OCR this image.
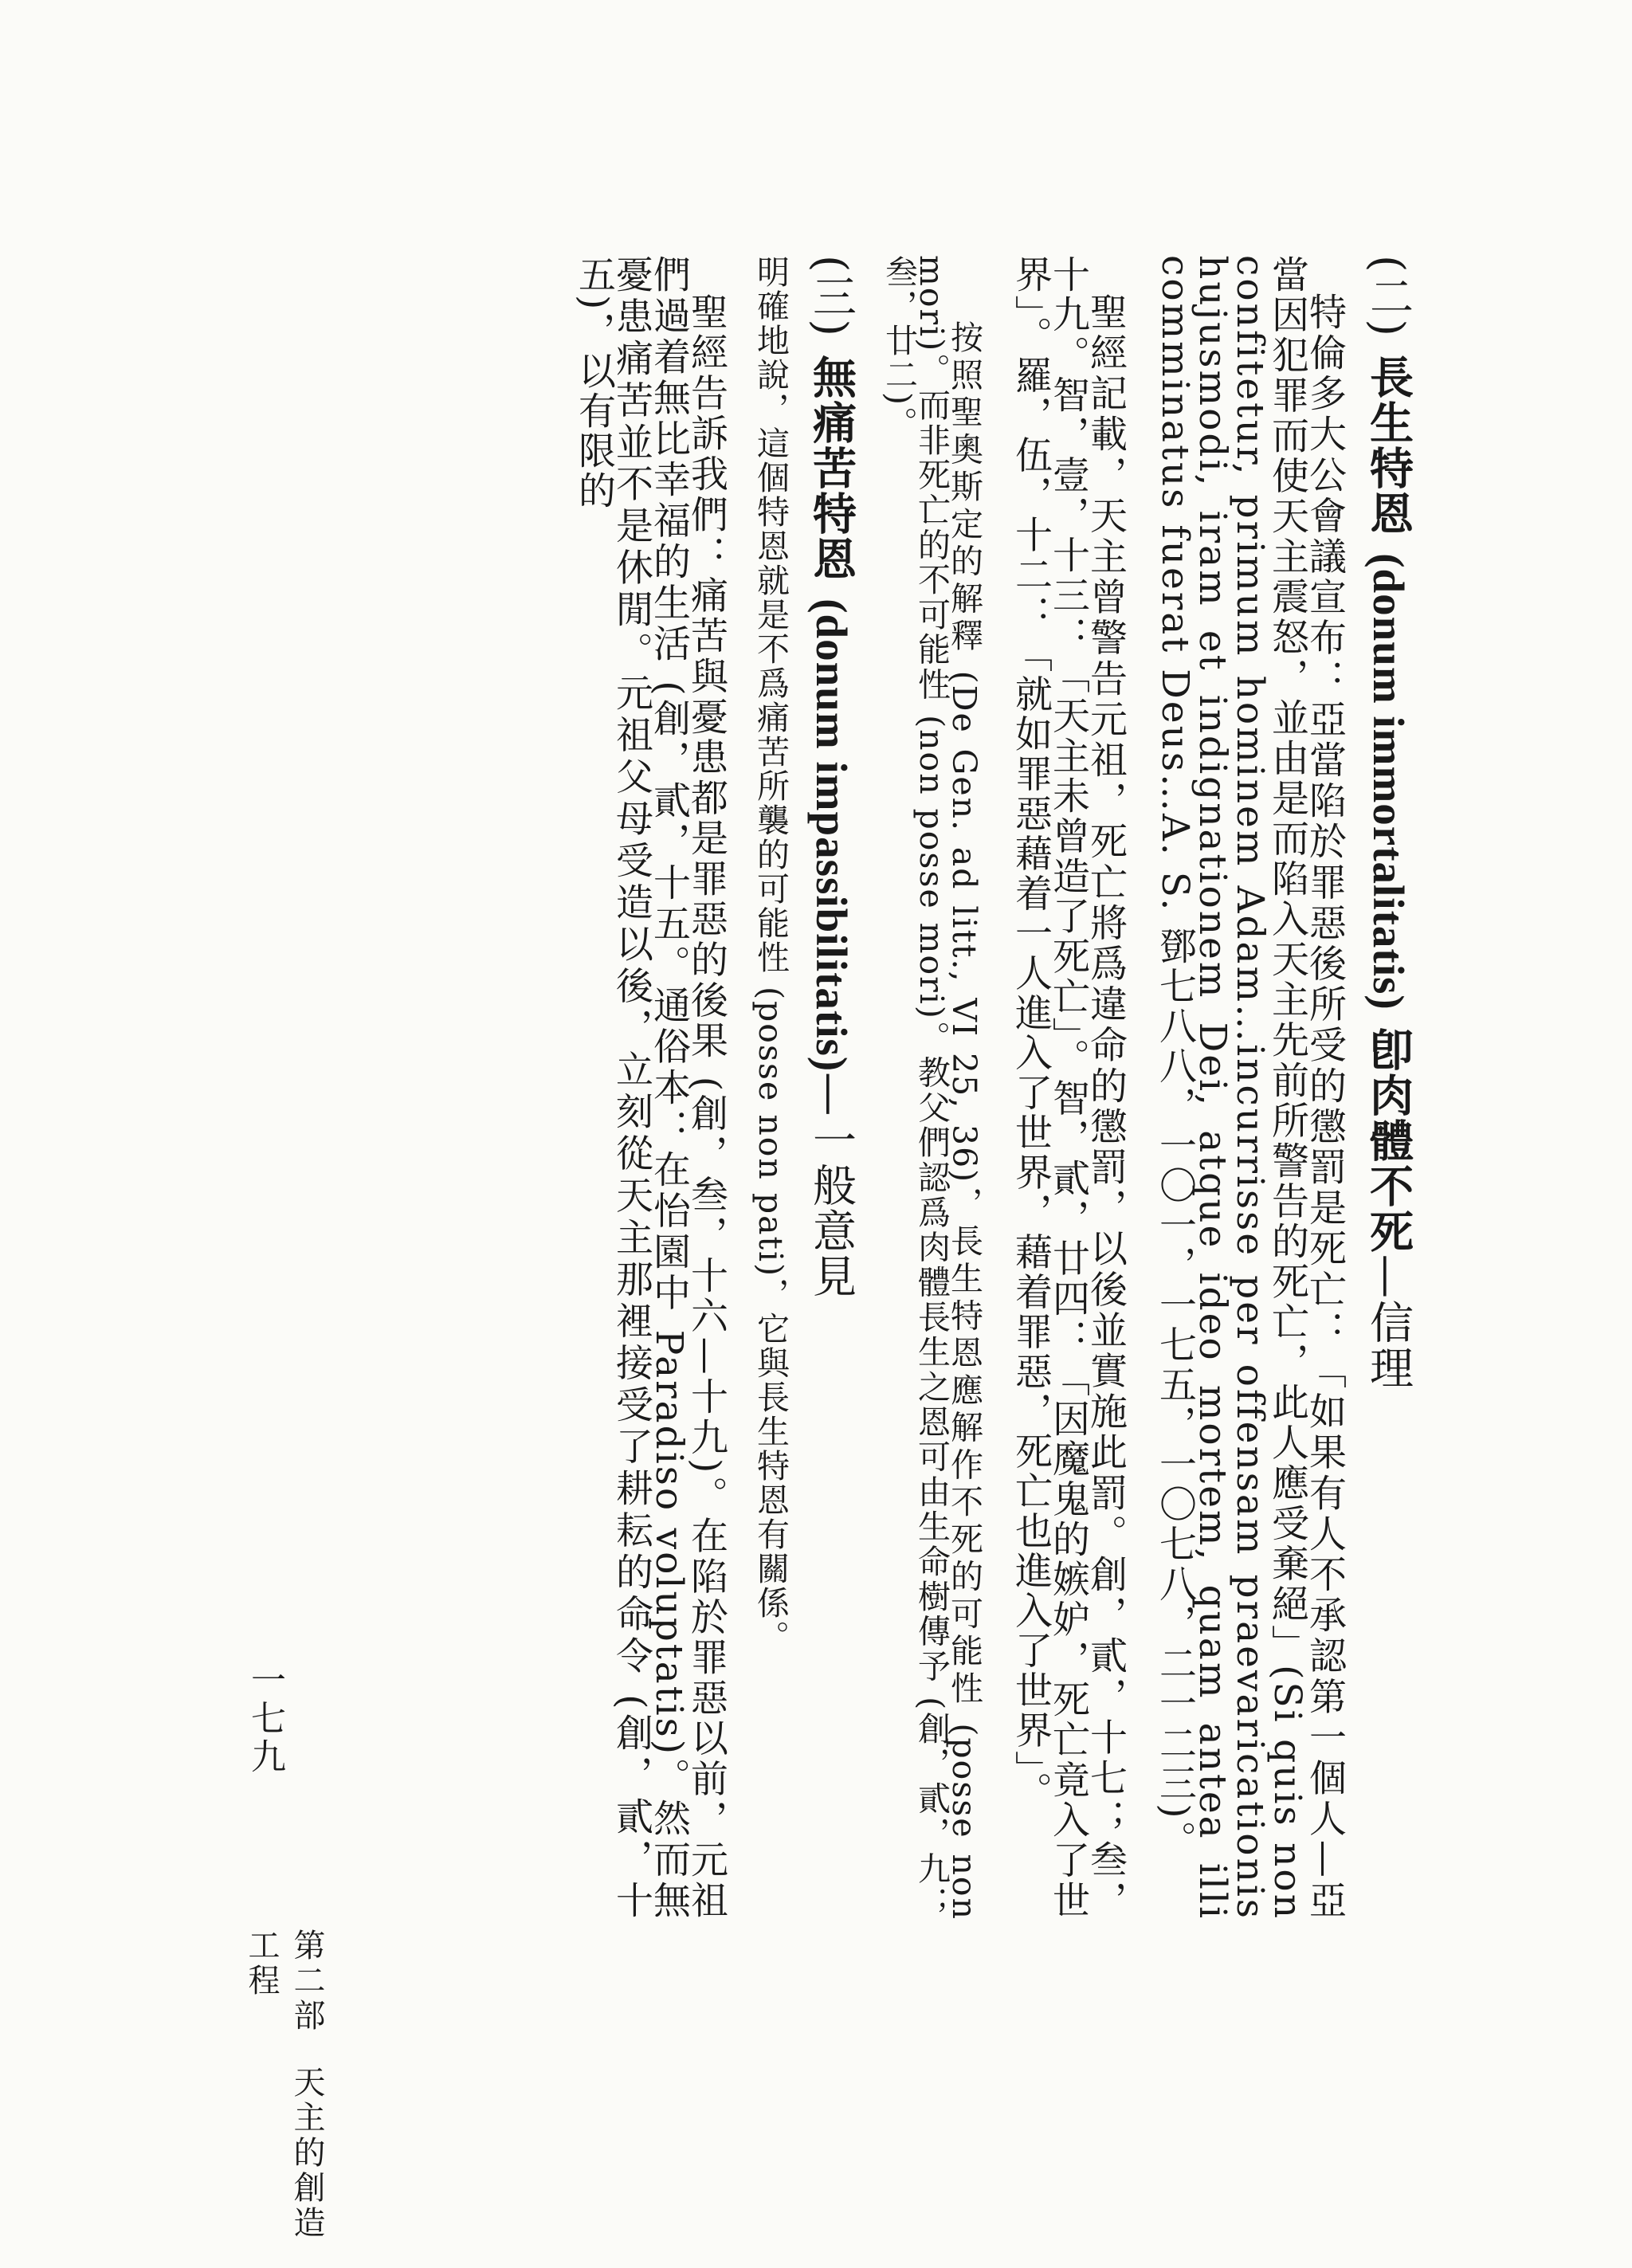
(二) 長生特恩 (donum immortalitatis) 卽肉體不死—信理

特倫多大公會議宣布：亞當陷於罪惡後所受的懲罰是死亡：「如果有人不承認第一個人—亞當因犯罪而使天主震怒，並由是而陷入天主先前所警告的死亡，此人應受棄絕」(Si quis non confitetur, primum hominem Adam…incurrisse per offensam praevaricationis hujusmodi, iram et indignationem Dei, atque ideo mortem, quam antea illi comminatus fuerat Deus…A. S. 鄧七八八，一〇一，一七五，一〇七八，二一二三)。

聖經記載，天主曾警告元祖，死亡將爲違命的懲罰，以後並實施此罰。創，貳，十七；叁，十九。智，壹，十三：「天主未曾造了死亡」。智，貳，廿四：「因魔鬼的嫉妒，死亡竟入了世界」。羅，伍，十二：「就如罪惡藉着一人進入了世界，藉着罪惡，死亡也進入了世界」。

按照聖奧斯定的解釋 (De Gen. ad litt., VI 25, 36)，長生特恩應解作不死的可能性 (posse non mori)。而非死亡的不可能性 (non posse mori)。教父們認爲肉體長生之恩可由生命樹傳予 (創，貳，九；叁，廿二)。

(三) 無痛苦特恩 (donum impassibilitatis)—一般意見

明確地說，這個特恩就是不爲痛苦所襲的可能性 (posse non pati)，它與長生特恩有關係。

聖經告訴我們：痛苦與憂患都是罪惡的後果 (創，叁，十六—十九)。在陷於罪惡以前，元祖們過着無比幸福的生活 (創，貳，十五。通俗本：在怡園中 Paradiso voluptatis)。然而無憂患痛苦並不是休閒。元祖父母受造以後，立刻從天主那裡接受了耕耘的命令 (創，貳，十五)，以有限的

第二部天主的創造工程
一七九
